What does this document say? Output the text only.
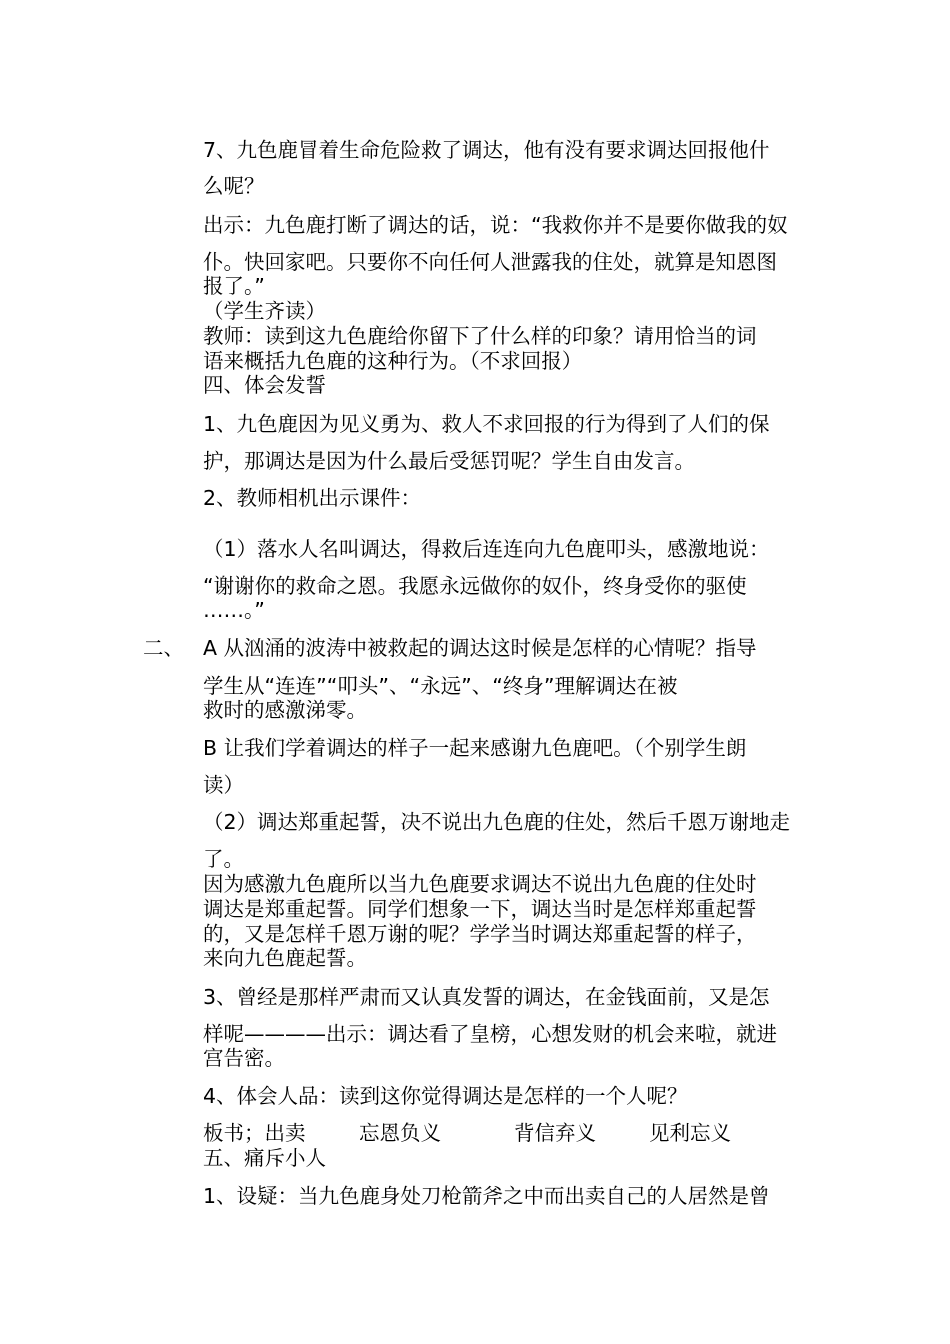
7、九色鹿冒着生命危险救了调达，他有没有要求调达回报他什
么呢？
出示：九色鹿打断了调达的话，说：“我救你并不是要你做我的奴
仆。快回家吧。只要你不向任何人泄露我的住处，就算是知恩图
报了。”
（学生齐读）
教师：读到这九色鹿给你留下了什么样的印象？请用恰当的词
语来概括九色鹿的这种行为。（不求回报）
四、体会发誓
1、九色鹿因为见义勇为、救人不求回报的行为得到了人们的保
护，那调达是因为什么最后受惩罚呢？学生自由发言。
2、教师相机出示课件：
（1）落水人名叫调达，得救后连连向九色鹿叩头，感激地说：
“谢谢你的救命之恩。我愿永远做你的奴仆，终身受你的驱使
……。”
二、 A 从汹涌的波涛中被救起的调达这时候是怎样的心情呢？指导
学生从“连连”“叩头”、“永远”、“终身”理解调达在被
救时的感激涕零。
B 让我们学着调达的样子一起来感谢九色鹿吧。（个别学生朗
读）
（2）调达郑重起誓，决不说出九色鹿的住处，然后千恩万谢地走
了。
因为感激九色鹿所以当九色鹿要求调达不说出九色鹿的住处时
调达是郑重起誓。同学们想象一下，调达当时是怎样郑重起誓
的，又是怎样千恩万谢的呢？学学当时调达郑重起誓的样子，
来向九色鹿起誓。
3、曾经是那样严肃而又认真发誓的调达，在金钱面前，又是怎
样呢————出示：调达看了皇榜，心想发财的机会来啦，就进
宫告密。
4、体会人品：读到这你觉得调达是怎样的一个人呢？
板书；出卖	忘恩负义	背信弃义	见利忘义
五、痛斥小人
1、设疑：当九色鹿身处刀枪箭斧之中而出卖自己的人居然是曾
